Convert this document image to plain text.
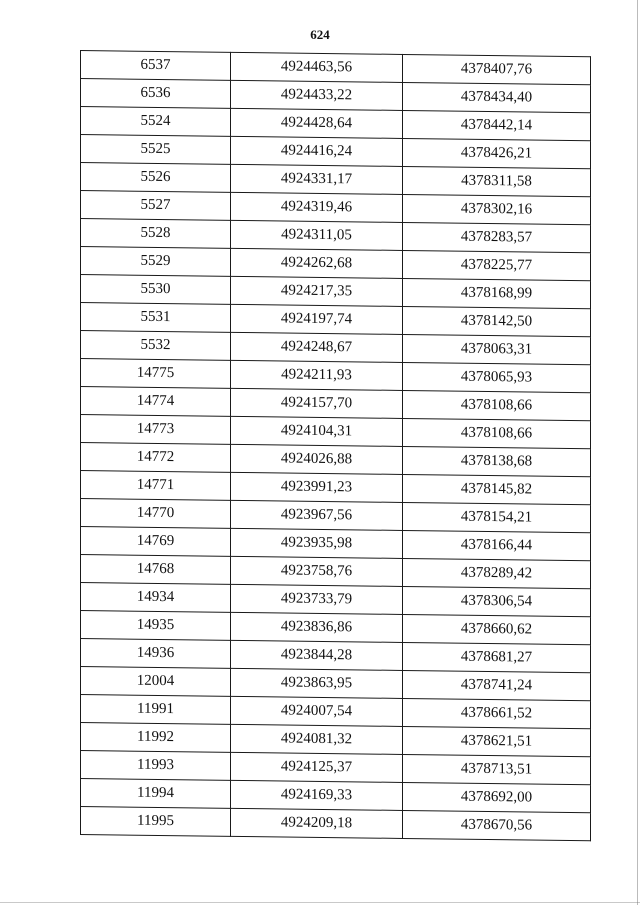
624
6537	4924463,56	4378407,76
6536	4924433,22	4378434,40
5524	4924428,64	4378442,14
5525	4924416,24	4378426,21
5526	4924331,17	4378311,58
5527	4924319,46	4378302,16
5528	4924311,05	4378283,57
5529	4924262,68	4378225,77
5530	4924217,35	4378168,99
5531	4924197,74	4378142,50
5532	4924248,67	4378063,31
14775	4924211,93	4378065,93
14774	4924157,70	4378108,66
14773	4924104,31	4378108,66
14772	4924026,88	4378138,68
14771	4923991,23	4378145,82
14770	4923967,56	4378154,21
14769	4923935,98	4378166,44
14768	4923758,76	4378289,42
14934	4923733,79	4378306,54
14935	4923836,86	4378660,62
14936	4923844,28	4378681,27
12004	4923863,95	4378741,24
11991	4924007,54	4378661,52
11992	4924081,32	4378621,51
11993	4924125,37	4378713,51
11994	4924169,33	4378692,00
11995	4924209,18	4378670,56
